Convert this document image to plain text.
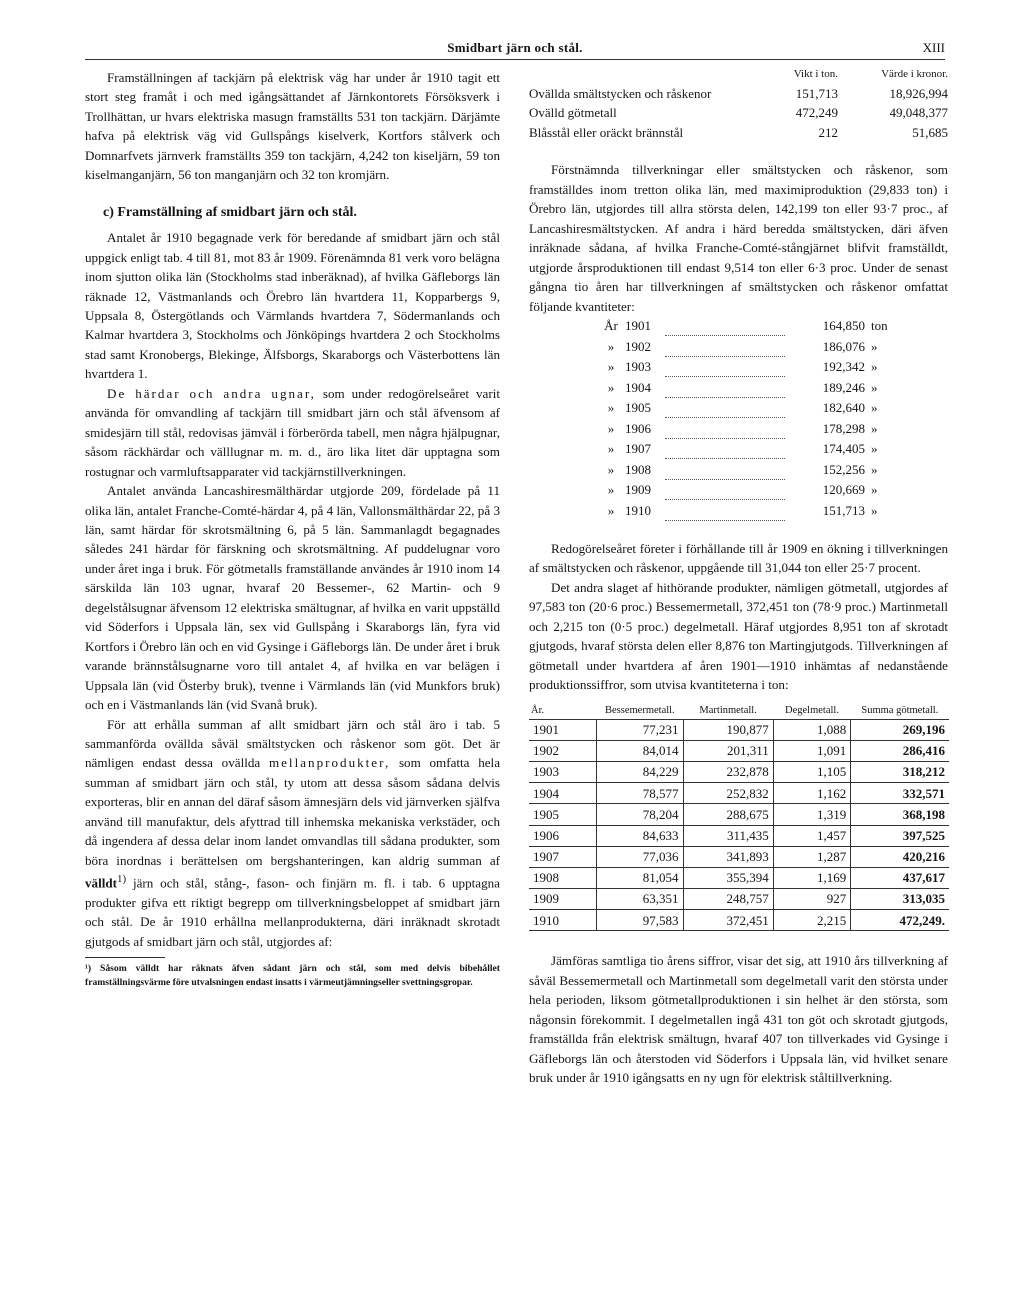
Smidbart järn och stål.	XIII

Framställningen af tackjärn på elektrisk väg har under år 1910 tagit ett stort steg framåt i och med igångsättandet af Järnkontorets Försöksverk i Trollhättan, ur hvars elektriska masugn framställts 531 ton tackjärn. Därjämte hafva på elektrisk väg vid Gullspångs kiselverk, Kortfors stålverk och Domnarfvets järnverk framställts 359 ton tackjärn, 4,242 ton kiseljärn, 59 ton kiselmanganjärn, 56 ton manganjärn och 32 ton kromjärn.

c) Framställning af smidbart järn och stål.

Antalet år 1910 begagnade verk för beredande af smidbart järn och stål uppgick enligt tab. 4 till 81, mot 83 år 1909. Förenämnda 81 verk voro belägna inom sjutton olika län (Stockholms stad inberäknad), af hvilka Gäfleborgs län räknade 12, Västmanlands och Örebro län hvartdera 11, Kopparbergs 9, Uppsala 8, Östergötlands och Värmlands hvartdera 7, Södermanlands och Kalmar hvartdera 3, Stockholms och Jönköpings hvartdera 2 och Stockholms stad samt Kronobergs, Blekinge, Älfsborgs, Skaraborgs och Västerbottens län hvartdera 1.

De härdar och andra ugnar, som under redogörelseåret varit använda för omvandling af tackjärn till smidbart järn och stål äfvensom af smidesjärn till stål, redovisas jämväl i förberörda tabell, men några hjälpugnar, såsom räckhärdar och välllugnar m. m. d., äro lika litet där upptagna som rostugnar och varmluftsapparater vid tackjärnstillverkningen.

Antalet använda Lancashiresmälthärdar utgjorde 209, fördelade på 11 olika län, antalet Franche-Comté-härdar 4, på 4 län, Vallonsmälthärdar 22, på 3 län, samt härdar för skrotsmältning 6, på 5 län. Sammanlagdt begagnades således 241 härdar för färskning och skrotsmältning. Af puddelugnar voro under året inga i bruk. För götmetalls framställande användes år 1910 inom 14 särskilda län 103 ugnar, hvaraf 20 Bessemer-, 62 Martin- och 9 degelstålsugnar äfvensom 12 elektriska smältugnar, af hvilka en varit uppställd vid Söderfors i Uppsala län, sex vid Gullspång i Skaraborgs län, fyra vid Kortfors i Örebro län och en vid Gysinge i Gäfleborgs län. De under året i bruk varande brännstålsugnarne voro till antalet 4, af hvilka en var belägen i Uppsala län (vid Österby bruk), tvenne i Värmlands län (vid Munkfors bruk) och en i Västmanlands län (vid Svanå bruk).

För att erhålla summan af allt smidbart järn och stål äro i tab. 5 sammanförda ovällda såväl smältstycken och råskenor som göt. Det är nämligen endast dessa ovällda mellanprodukter, som omfatta hela summan af smidbart järn och stål, ty utom att dessa såsom sådana delvis exporteras, blir en annan del däraf såsom ämnesjärn dels vid järnverken själfva använd till manufaktur, dels afyttrad till inhemska mekaniska verkstäder, och då ingendera af dessa delar inom landet omvandlas till sådana produkter, som böra inordnas i berättelsen om bergshanteringen, kan aldrig summan af välldt$^{1)}$ järn och stål, stång-, fason- och finjärn m. fl. i tab. 6 upptagna produkter gifva ett riktigt begrepp om tillverkningsbeloppet af smidbart järn och stål. De år 1910 erhållna mellanprodukterna, däri inräknadt skrotadt gjutgods af smidbart järn och stål, utgjordes af:

¹) Såsom välldt har räknats äfven sådant järn och stål, som med delvis bibehållet framställningsvärme före utvalsningen endast insatts i värmeutjämningseller svettningsgropar.
	Vikt i ton.	Värde i kronor.
Ovällda smältstycken och råskenor	151,713	18,926,994
Ovälld götmetall	472,249	49,048,377
Blåsstål eller oräckt brännstål	212	51,685

Förstnämnda tillverkningar eller smältstycken och råskenor, som framställdes inom tretton olika län, med maximiproduktion (29,833 ton) i Örebro län, utgjordes till allra största delen, 142,199 ton eller 93·7 proc., af Lancashiresmältstycken. Af andra i härd beredda smältstycken, däri äfven inräknade sådana, af hvilka Franche-Comté-stångjärnet blifvit framställdt, utgjorde årsproduktionen till endast 9,514 ton eller 6·3 proc. Under de senast gångna tio åren har tillverkningen af smältstycken och råskenor omfattat följande kvantiteter:

År	1901		164,850	ton
»	1902		186,076	»
»	1903		192,342	»
»	1904		189,246	»
»	1905		182,640	»
»	1906		178,298	»
»	1907		174,405	»
»	1908		152,256	»
»	1909		120,669	»
»	1910		151,713	»

Redogörelseåret företer i förhållande till år 1909 en ökning i tillverkningen af smältstycken och råskenor, uppgående till 31,044 ton eller 25·7 procent.

Det andra slaget af hithörande produkter, nämligen götmetall, utgjordes af 97,583 ton (20·6 proc.) Bessemermetall, 372,451 ton (78·9 proc.) Martinmetall och 2,215 ton (0·5 proc.) degelmetall. Häraf utgjordes 8,951 ton af skrotadt gjutgods, hvaraf största delen eller 8,876 ton Martingjutgods. Tillverkningen af götmetall under hvartdera af åren 1901—1910 inhämtas af nedanstående produktionssiffror, som utvisa kvantiteterna i ton:

År.	Bessemermetall.	Martinmetall.	Degelmetall.	Summa götmetall.
1901	77,231	190,877	1,088	269,196
1902	84,014	201,311	1,091	286,416
1903	84,229	232,878	1,105	318,212
1904	78,577	252,832	1,162	332,571
1905	78,204	288,675	1,319	368,198
1906	84,633	311,435	1,457	397,525
1907	77,036	341,893	1,287	420,216
1908	81,054	355,394	1,169	437,617
1909	63,351	248,757	927	313,035
1910	97,583	372,451	2,215	472,249.

Jämföras samtliga tio årens siffror, visar det sig, att 1910 års tillverkning af såväl Bessemermetall och Martinmetall som degelmetall varit den största under hela perioden, liksom götmetallproduktionen i sin helhet är den största, som någonsin förekommit. I degelmetallen ingå 431 ton göt och skrotadt gjutgods, framställda från elektrisk smältugn, hvaraf 407 ton tillverkades vid Gysinge i Gäfleborgs län och återstoden vid Söderfors i Uppsala län, vid hvilket senare bruk under år 1910 igångsatts en ny ugn för elektrisk ståltillverkning.
